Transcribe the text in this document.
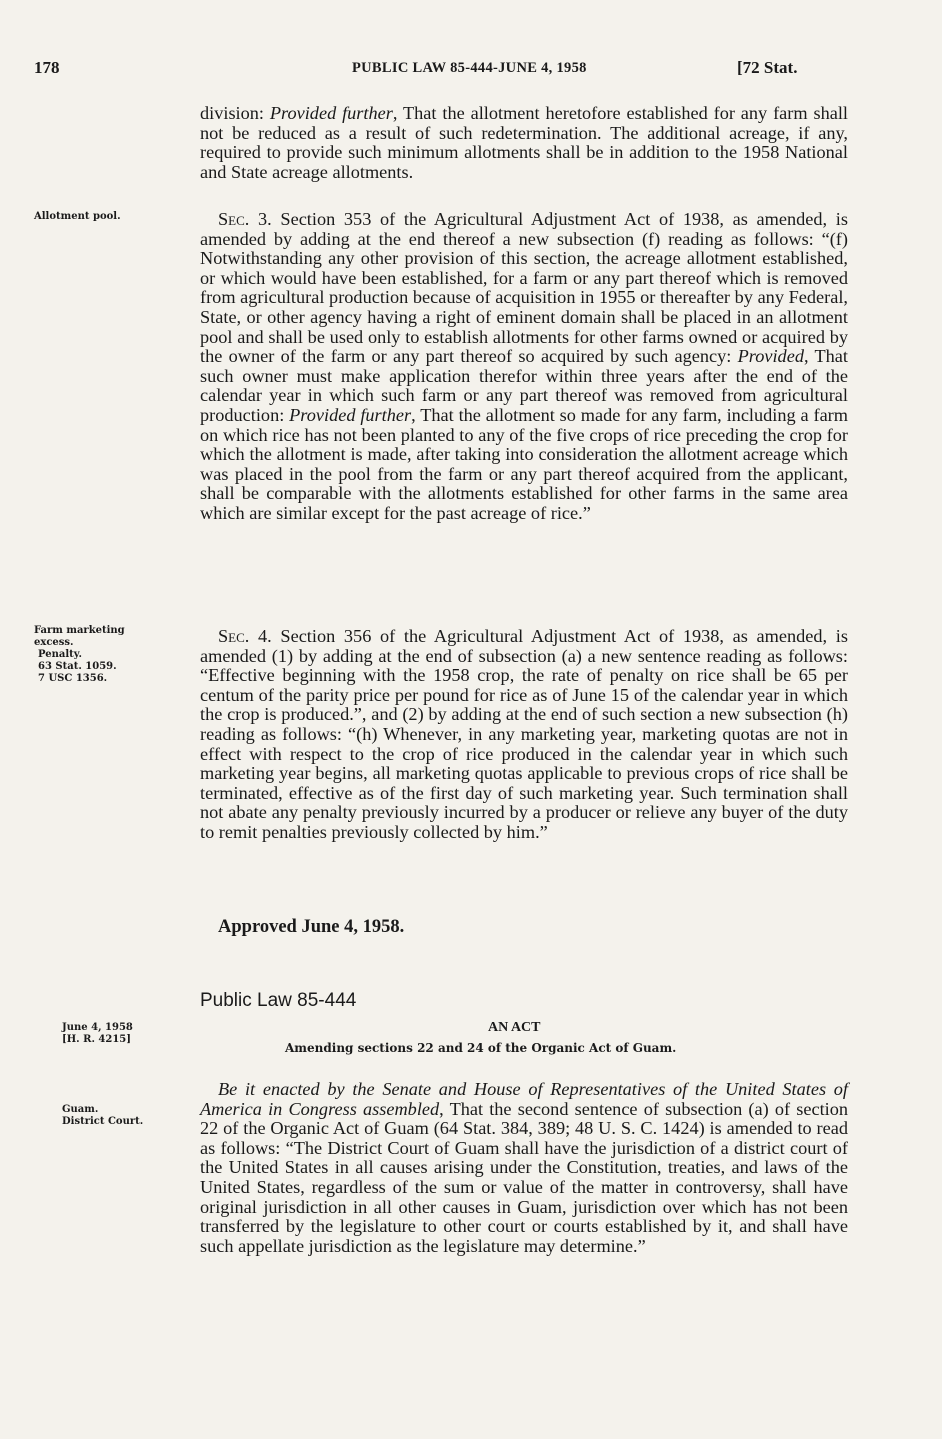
178	PUBLIC LAW 85-444-JUNE 4, 1958	[72 Stat.
Allotment pool.
Farm marketing
excess.
Penalty.
63 Stat. 1059.
7 USC 1356.
June 4, 1958
[H. R. 4215]
Guam.
District Court.

division: Provided further, That the allotment heretofore established for any farm shall not be reduced as a result of such redetermination. The additional acreage, if any, required to provide such minimum allotments shall be in addition to the 1958 National and State acreage allotments.

Sec. 3. Section 353 of the Agricultural Adjustment Act of 1938, as amended, is amended by adding at the end thereof a new subsection (f) reading as follows: “(f) Notwithstanding any other provision of this section, the acreage allotment established, or which would have been established, for a farm or any part thereof which is removed from agricultural production because of acquisition in 1955 or thereafter by any Federal, State, or other agency having a right of eminent domain shall be placed in an allotment pool and shall be used only to establish allotments for other farms owned or acquired by the owner of the farm or any part thereof so acquired by such agency: Provided, That such owner must make application therefor within three years after the end of the calendar year in which such farm or any part thereof was removed from agricultural production: Provided further, That the allotment so made for any farm, including a farm on which rice has not been planted to any of the five crops of rice preceding the crop for which the allotment is made, after taking into consideration the allotment acreage which was placed in the pool from the farm or any part thereof acquired from the applicant, shall be comparable with the allotments established for other farms in the same area which are similar except for the past acreage of rice.”

Sec. 4. Section 356 of the Agricultural Adjustment Act of 1938, as amended, is amended (1) by adding at the end of subsection (a) a new sentence reading as follows: “Effective beginning with the 1958 crop, the rate of penalty on rice shall be 65 per centum of the parity price per pound for rice as of June 15 of the calendar year in which the crop is produced.”, and (2) by adding at the end of such section a new subsection (h) reading as follows: “(h) Whenever, in any marketing year, marketing quotas are not in effect with respect to the crop of rice produced in the calendar year in which such marketing year begins, all marketing quotas applicable to previous crops of rice shall be terminated, effective as of the first day of such marketing year. Such termination shall not abate any penalty previously incurred by a producer or relieve any buyer of the duty to remit penalties previously collected by him.”

Approved June 4, 1958.
Public Law 85-444
AN ACT
Amending sections 22 and 24 of the Organic Act of Guam.

Be it enacted by the Senate and House of Representatives of the United States of America in Congress assembled, That the second sentence of subsection (a) of section 22 of the Organic Act of Guam (64 Stat. 384, 389; 48 U. S. C. 1424) is amended to read as follows: “The District Court of Guam shall have the jurisdiction of a district court of the United States in all causes arising under the Constitution, treaties, and laws of the United States, regardless of the sum or value of the matter in controversy, shall have original jurisdiction in all other causes in Guam, jurisdiction over which has not been transferred by the legislature to other court or courts established by it, and shall have such appellate jurisdiction as the legislature may determine.”
